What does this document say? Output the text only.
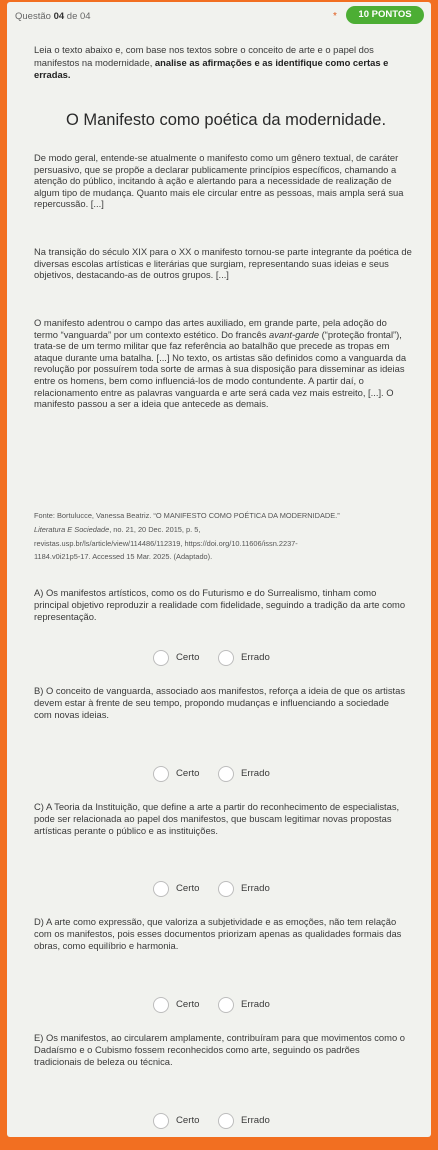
Questão 04 de 04	*	10 PONTOS
Leia o texto abaixo e, com base nos textos sobre o conceito de arte e o papel dos manifestos na modernidade, analise as afirmações e as identifique como certas e erradas.
O Manifesto como poética da modernidade.
De modo geral, entende-se atualmente o manifesto como um gênero textual, de caráter persuasivo, que se propõe a declarar publicamente princípios específicos, chamando a atenção do público, incitando à ação e alertando para a necessidade de realização de algum tipo de mudança. Quanto mais ele circular entre as pessoas, mais ampla será sua repercussão. [...]
Na transição do século XIX para o XX o manifesto tornou-se parte integrante da poética de diversas escolas artísticas e literárias que surgiam, representando suas ideias e seus objetivos, destacando-as de outros grupos. [...]
O manifesto adentrou o campo das artes auxiliado, em grande parte, pela adoção do termo “vanguarda” por um contexto estético. Do francês avant-garde (“proteção frontal”), trata-se de um termo militar que faz referência ao batalhão que precede as tropas em ataque durante uma batalha. [...] No texto, os artistas são definidos como a vanguarda da revolução por possuírem toda sorte de armas à sua disposição para disseminar as ideias entre os homens, bem como influenciá-los de modo contundente. A partir daí, o relacionamento entre as palavras vanguarda e arte será cada vez mais estreito, [...]. O manifesto passou a ser a ideia que antecede as demais.
Fonte: Bortulucce, Vanessa Beatriz. “O MANIFESTO COMO POÉTICA DA MODERNIDADE.”
Literatura E Sociedade, no. 21, 20 Dec. 2015, p. 5,
revistas.usp.br/ls/article/view/114486/112319, https://doi.org/10.11606/issn.2237-
1184.v0i21p5-17. Accessed 15 Mar. 2025. (Adaptado).
A) Os manifestos artísticos, como os do Futurismo e do Surrealismo, tinham como principal objetivo reproduzir a realidade com fidelidade, seguindo a tradição da arte como representação.
Certo	Errado
B) O conceito de vanguarda, associado aos manifestos, reforça a ideia de que os artistas devem estar à frente de seu tempo, propondo mudanças e influenciando a sociedade com novas ideias.
Certo	Errado
C) A Teoria da Instituição, que define a arte a partir do reconhecimento de especialistas, pode ser relacionada ao papel dos manifestos, que buscam legitimar novas propostas artísticas perante o público e as instituições.
Certo	Errado
D) A arte como expressão, que valoriza a subjetividade e as emoções, não tem relação com os manifestos, pois esses documentos priorizam apenas as qualidades formais das obras, como equilíbrio e harmonia.
Certo	Errado
E) Os manifestos, ao circularem amplamente, contribuíram para que movimentos como o Dadaísmo e o Cubismo fossem reconhecidos como arte, seguindo os padrões tradicionais de beleza ou técnica.
Certo	Errado
